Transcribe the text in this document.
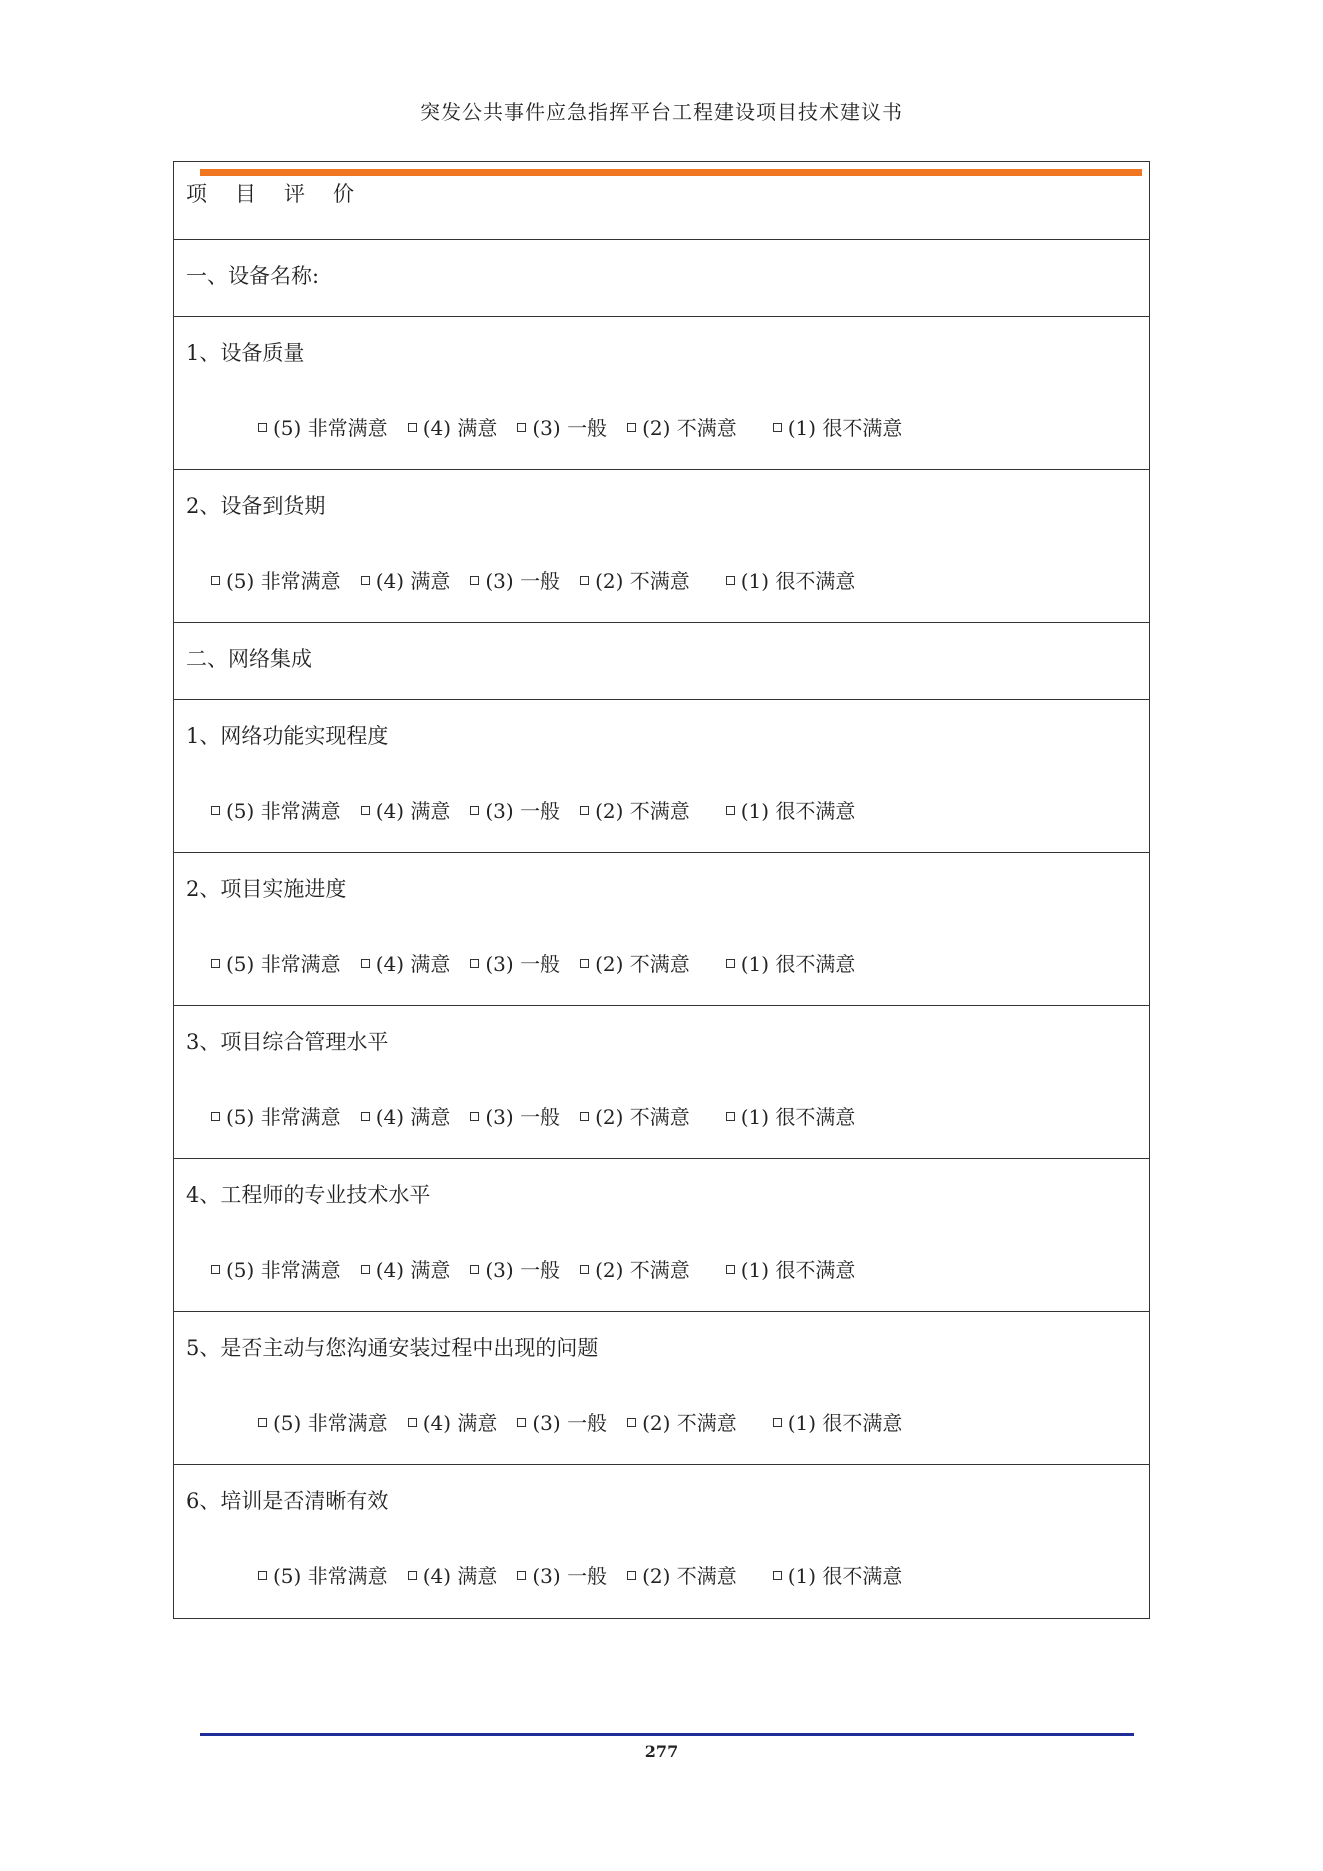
突发公共事件应急指挥平台工程建设项目技术建议书
项目评价
一、设备名称:
1、设备质量
(5) 非常满意 (4) 满意 (3) 一般 (2) 不满意	(1) 很不满意
2、设备到货期
(5) 非常满意 (4) 满意 (3) 一般 (2) 不满意	(1) 很不满意
二、网络集成
1、网络功能实现程度
(5) 非常满意 (4) 满意 (3) 一般 (2) 不满意	(1) 很不满意
2、项目实施进度
(5) 非常满意 (4) 满意 (3) 一般 (2) 不满意	(1) 很不满意
3、项目综合管理水平
(5) 非常满意 (4) 满意 (3) 一般 (2) 不满意	(1) 很不满意
4、工程师的专业技术水平
(5) 非常满意 (4) 满意 (3) 一般 (2) 不满意	(1) 很不满意
5、是否主动与您沟通安装过程中出现的问题
(5) 非常满意 (4) 满意 (3) 一般 (2) 不满意	(1) 很不满意
6、培训是否清晰有效
(5) 非常满意 (4) 满意 (3) 一般 (2) 不满意	(1) 很不满意
277
